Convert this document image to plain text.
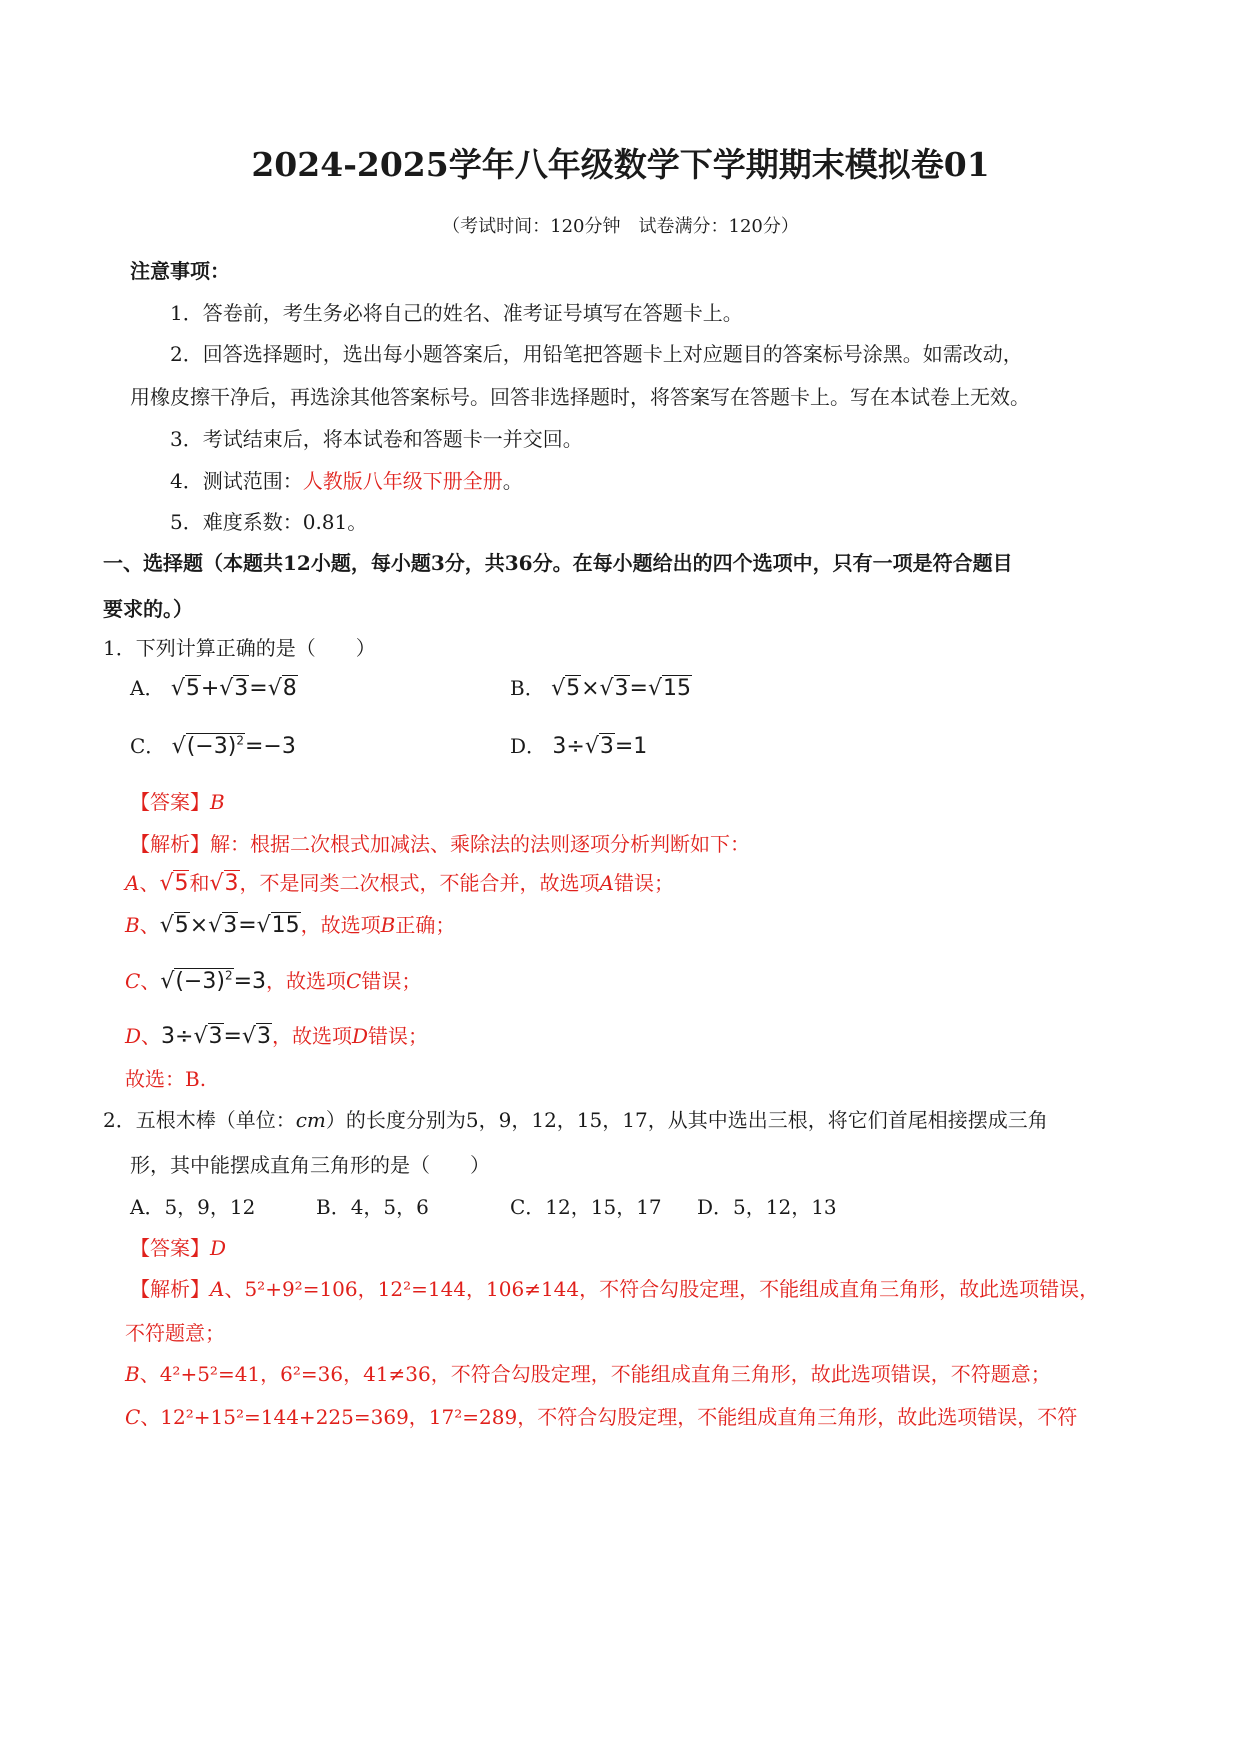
2024-2025学年八年级数学下学期期末模拟卷01
（考试时间：120分钟　试卷满分：120分）
注意事项：
1．答卷前，考生务必将自己的姓名、准考证号填写在答题卡上。
2．回答选择题时，选出每小题答案后，用铅笔把答题卡上对应题目的答案标号涂黑。如需改动，
用橡皮擦干净后，再选涂其他答案标号。回答非选择题时，将答案写在答题卡上。写在本试卷上无效。
3．考试结束后，将本试卷和答题卡一并交回。
4．测试范围：人教版八年级下册全册。
5．难度系数：0.81。
一、选择题（本题共12小题，每小题3分，共36分。在每小题给出的四个选项中，只有一项是符合题目
要求的。）
1．下列计算正确的是（　　）
A． √5+√3=√8	B． √5×√3=√15
C． $√(-3)^2=-3$	D． 3÷√3=1
【答案】B
【解析】解：根据二次根式加减法、乘除法的法则逐项分析判断如下：
A、√5和√3，不是同类二次根式，不能合并，故选项A错误；
B、√5×√3=√15，故选项B正确；
C、$√(-3)^2=3$，故选项C错误；
D、3÷√3=√3，故选项D错误；
故选：B.
2．五根木棒（单位：cm）的长度分别为5，9，12，15，17，从其中选出三根，将它们首尾相接摆成三角
形，其中能摆成直角三角形的是（　　）
A．5，9，12	B．4，5，6	C．12，15，17 D．5，12，13
【答案】D
【解析】A、5²+9²=106，12²=144，106≠144，不符合勾股定理，不能组成直角三角形，故此选项错误，
不符题意；
B、4²+5²=41，6²=36，41≠36，不符合勾股定理，不能组成直角三角形，故此选项错误，不符题意；
C、12²+15²=144+225=369，17²=289，不符合勾股定理，不能组成直角三角形，故此选项错误，不符
